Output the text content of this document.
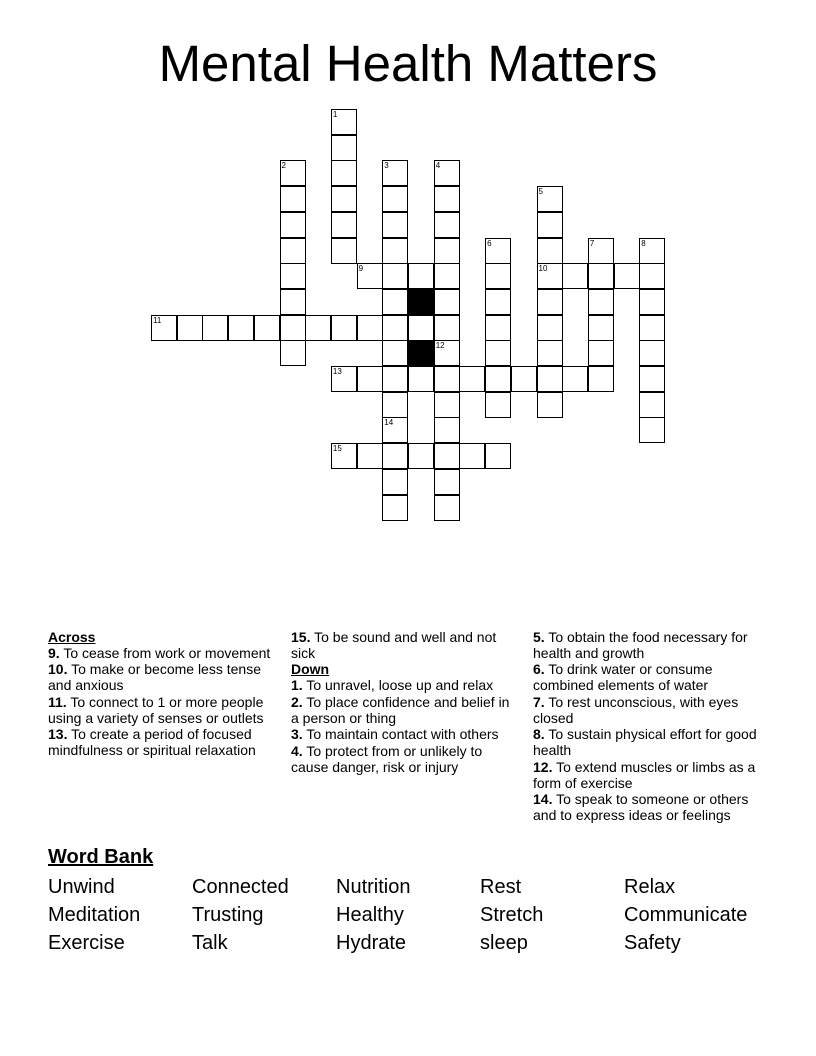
Mental Health Matters
1
2	3
14
4
5
10
6	7	8
9
11
12
13
15

Across

9. To cease from work or movement

10. To make or become less tense and anxious

11. To connect to 1 or more people using a variety of senses or outlets

13. To create a period of focused mindfulness or spiritual relaxation

15. To be sound and well and not sick

Down

1. To unravel, loose up and relax

2. To place confidence and belief in a person or thing

3. To maintain contact with others

4. To protect from or unlikely to cause danger, risk or injury

5. To obtain the food necessary for health and growth

6. To drink water or consume combined elements of water

7. To rest unconscious, with eyes closed

8. To sustain physical effort for good health

12. To extend muscles or limbs as a form of exercise

14. To speak to someone or others and to express ideas or feelings

Word Bank

Unwind	Connected Nutrition	Rest	Relax
Meditation	Trusting	Healthy	Stretch	Communicate
Exercise	Talk	Hydrate	sleep	Safety
